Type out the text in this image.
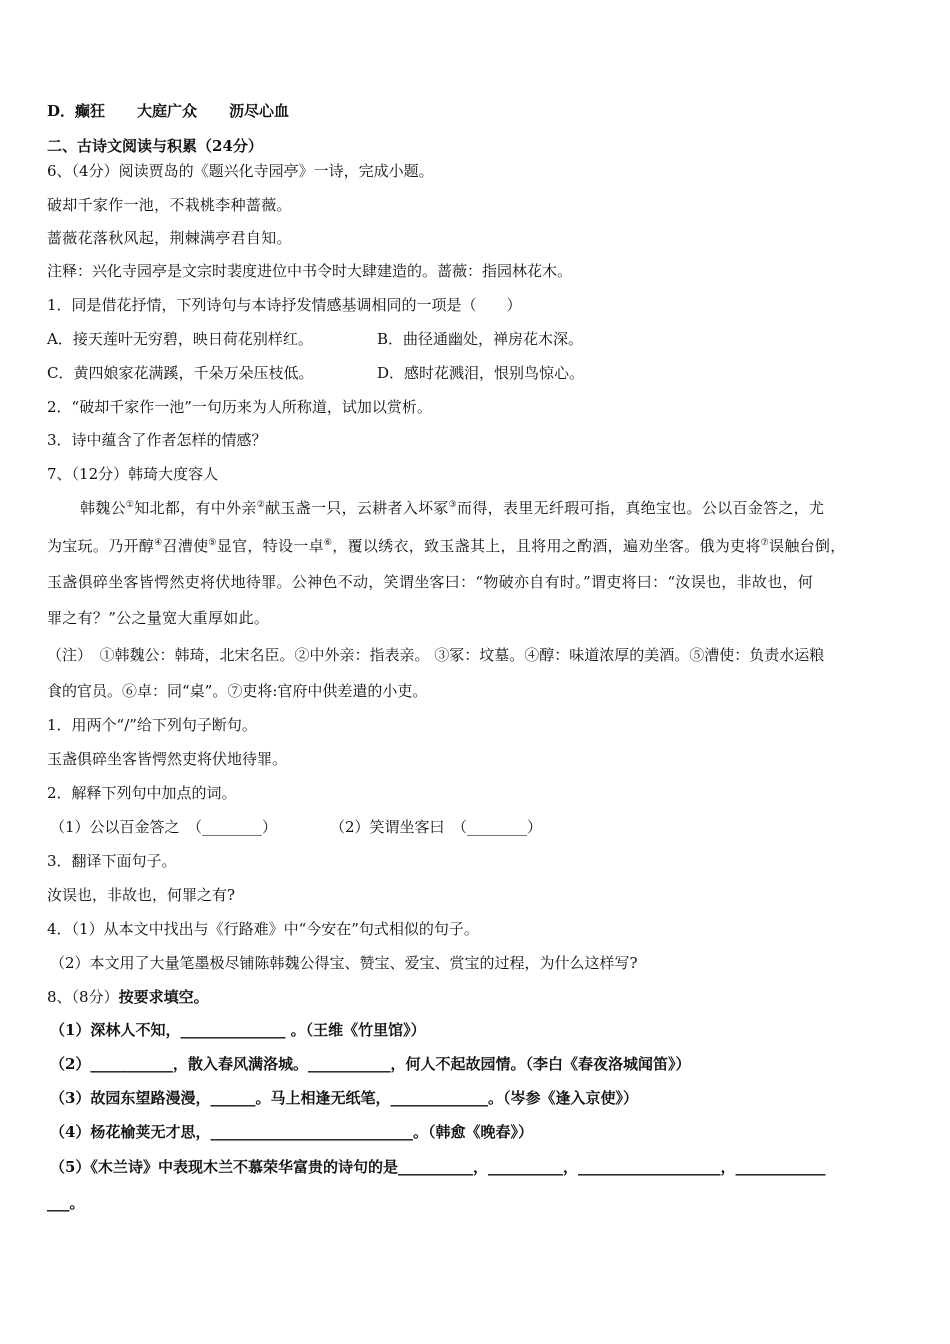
D．癫狂 大庭广众 沥尽心血
二、古诗文阅读与积累（24分）
6、（4分）阅读贾岛的《题兴化寺园亭》一诗，完成小题。
破却千家作一池，不栽桃李种蔷薇。
蔷薇花落秋风起，荆棘满亭君自知。
注释：兴化寺园亭是文宗时裴度进位中书令时大肆建造的。蔷薇：指园林花木。
1．同是借花抒情，下列诗句与本诗抒发情感基调相同的一项是（　　）
A．接天莲叶无穷碧，映日荷花别样红。	B．曲径通幽处，禅房花木深。
C．黄四娘家花满蹊，千朵万朵压枝低。	D．感时花溅泪，恨别鸟惊心。
2．“破却千家作一池”一句历来为人所称道，试加以赏析。
3．诗中蕴含了作者怎样的情感？
7、（12分）韩琦大度容人
韩魏公①知北都，有中外亲②献玉盏一只，云耕者入坏冢③而得，表里无纤瑕可指，真绝宝也。公以百金答之，尤
为宝玩。乃开醇④召漕使⑤显官，特设一卓⑥，覆以绣衣，致玉盏其上，且将用之酌酒，遍劝坐客。俄为吏将⑦误触台倒，
玉盏俱碎坐客皆愕然吏将伏地待罪。公神色不动，笑谓坐客曰：“物破亦自有时。”谓吏将曰：“汝误也，非故也，何
罪之有？”公之量宽大重厚如此。
（注）　①韩魏公：韩琦，北宋名臣。②中外亲：指表亲。 ③冢：坟墓。④醇：味道浓厚的美酒。⑤漕使：负责水运粮
食的官员。⑥卓：同“桌”。⑦吏将:官府中供差遣的小吏。
1．用两个“/”给下列句子断句。
玉盏俱碎坐客皆愕然吏将伏地待罪。
2．解释下列句中加点的词。
（1）公以百金答之　（________）	（2）笑谓坐客曰　（________）
3．翻译下面句子。
汝误也，非故也，何罪之有?
4．（1）从本文中找出与《行路难》中“今安在”句式相似的句子。
（2）本文用了大量笔墨极尽铺陈韩魏公得宝、赞宝、爱宝、赏宝的过程，为什么这样写?
8、（8分）按要求填空。
（1）深林人不知，______________ 。（王维《竹里馆》）
（2）___________，散入春风满洛城。___________，何人不起故园情。（李白《春夜洛城闻笛》）
（3）故园东望路漫漫，______。马上相逢无纸笔，_____________。（岑参《逢入京使》）
（4）杨花榆荚无才思，___________________________。（韩愈《晚春》）
（5）《木兰诗》中表现木兰不慕荣华富贵的诗句的是__________，__________，___________________，____________
___。
